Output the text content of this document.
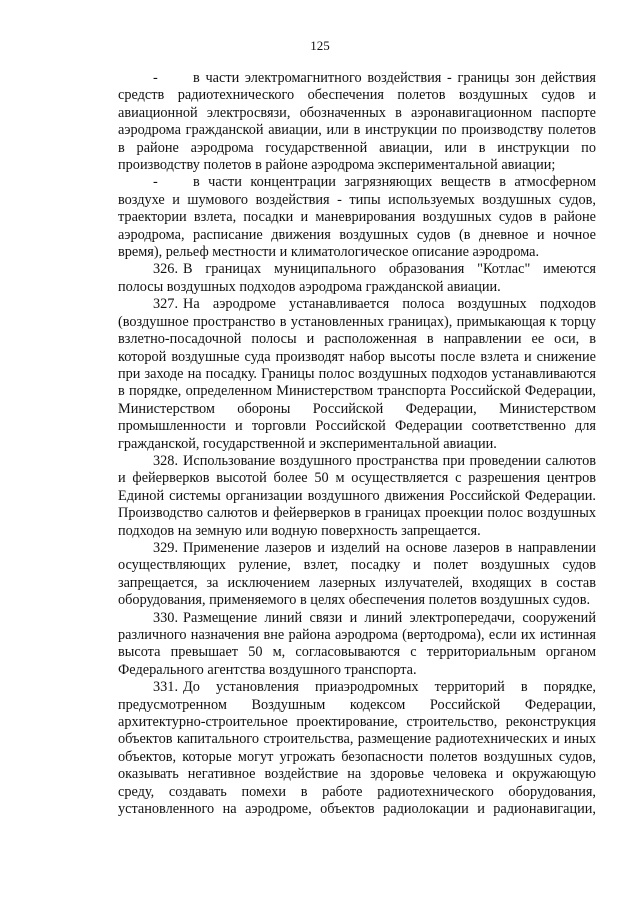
125

- в части электромагнитного воздействия - границы зон действия средств радиотехнического обеспечения полетов воздушных судов и авиационной электросвязи, обозначенных в аэронавигационном паспорте аэродрома гражданской авиации, или в инструкции по производству полетов в районе аэродрома государственной авиации, или в инструкции по производству полетов в районе аэродрома экспериментальной авиации;

- в части концентрации загрязняющих веществ в атмосферном воздухе и шумового воздействия - типы используемых воздушных судов, траектории взлета, посадки и маневрирования воздушных судов в районе аэродрома, расписание движения воздушных судов (в дневное и ночное время), рельеф местности и климатологическое описание аэродрома.

326. В границах муниципального образования "Котлас" имеются полосы воздушных подходов аэродрома гражданской авиации.

327. На аэродроме устанавливается полоса воздушных подходов (воздушное пространство в установленных границах), примыкающая к торцу взлетно-посадочной полосы и расположенная в направлении ее оси, в которой воздушные суда производят набор высоты после взлета и снижение при заходе на посадку. Границы полос воздушных подходов устанавливаются в порядке, определенном Министерством транспорта Российской Федерации, Министерством обороны Российской Федерации, Министерством промышленности и торговли Российской Федерации соответственно для гражданской, государственной и экспериментальной авиации.

328. Использование воздушного пространства при проведении салютов и фейерверков высотой более 50 м осуществляется с разрешения центров Единой системы организации воздушного движения Российской Федерации. Производство салютов и фейерверков в границах проекции полос воздушных подходов на земную или водную поверхность запрещается.

329. Применение лазеров и изделий на основе лазеров в направлении осуществляющих руление, взлет, посадку и полет воздушных судов запрещается, за исключением лазерных излучателей, входящих в состав оборудования, применяемого в целях обеспечения полетов воздушных судов.

330. Размещение линий связи и линий электропередачи, сооружений различного назначения вне района аэродрома (вертодрома), если их истинная высота превышает 50 м, согласовываются с территориальным органом Федерального агентства воздушного транспорта.

331. До установления приаэродромных территорий в порядке, предусмотренном Воздушным кодексом Российской Федерации, архитектурно-строительное проектирование, строительство, реконструкция объектов капитального строительства, размещение радиотехнических и иных объектов, которые могут угрожать безопасности полетов воздушных судов, оказывать негативное воздействие на здоровье человека и окружающую среду, создавать помехи в работе радиотехнического оборудования, установленного на аэродроме, объектов радиолокации и радионавигации,
